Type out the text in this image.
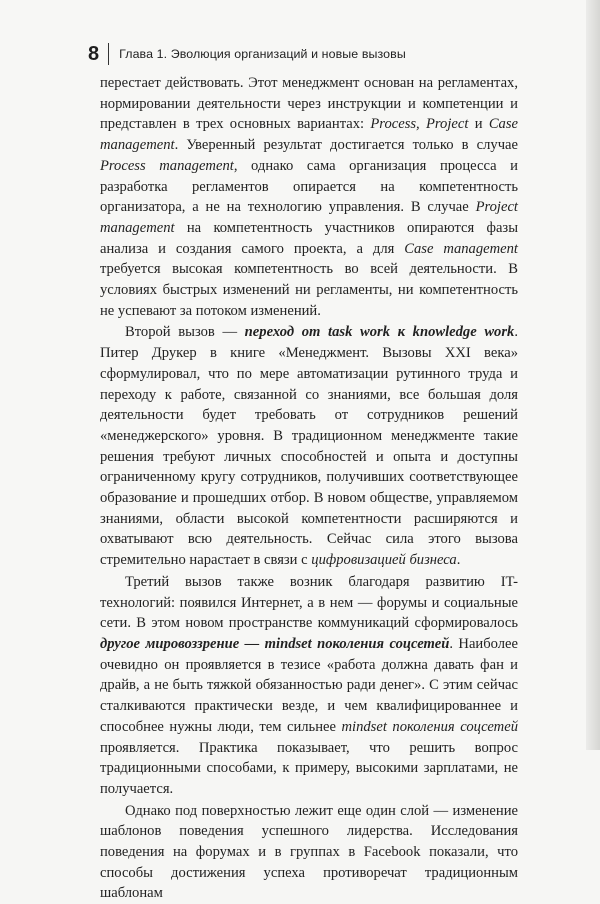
8 Глава 1. Эволюция организаций и новые вызовы

перестает действовать. Этот менеджмент основан на регламентах, нормировании деятельности через инструкции и компетенции и представлен в трех основных вариантах: Process, Project и Case management. Уверенный результат достигается только в случае Process management, однако сама организация процесса и разработка регламентов опирается на компетентность организатора, а не на технологию управления. В случае Project management на компетентность участников опираются фазы анализа и создания самого проекта, а для Case management требуется высокая компетентность во всей деятельности. В условиях быстрых изменений ни регламенты, ни компетентность не успевают за потоком изменений.

Второй вызов — переход от task work к knowledge work. Питер Друкер в книге «Менеджмент. Вызовы XXI века» сформулировал, что по мере автоматизации рутинного труда и переходу к работе, связанной со знаниями, все большая доля деятельности будет требовать от сотрудников решений «менеджерского» уровня. В традиционном менеджменте такие решения требуют личных способностей и опыта и доступны ограниченному кругу сотрудников, получивших соответствующее образование и прошедших отбор. В новом обществе, управляемом знаниями, области высокой компетентности расширяются и охватывают всю деятельность. Сейчас сила этого вызова стремительно нарастает в связи с цифровизацией бизнеса.

Третий вызов также возник благодаря развитию IT-технологий: появился Интернет, а в нем — форумы и социальные сети. В этом новом пространстве коммуникаций сформировалось другое мировоззрение — mindset поколения соцсетей. Наиболее очевидно он проявляется в тезисе «работа должна давать фан и драйв, а не быть тяжкой обязанностью ради денег». С этим сейчас сталкиваются практически везде, и чем квалифицированнее и способнее нужны люди, тем сильнее mindset поколения соцсетей проявляется. Практика показывает, что решить вопрос традиционными способами, к примеру, высокими зарплатами, не получается.

Однако под поверхностью лежит еще один слой — изменение шаблонов поведения успешного лидерства. Исследования поведения на форумах и в группах в Facebook показали, что способы достижения успеха противоречат традиционным шаблонам
